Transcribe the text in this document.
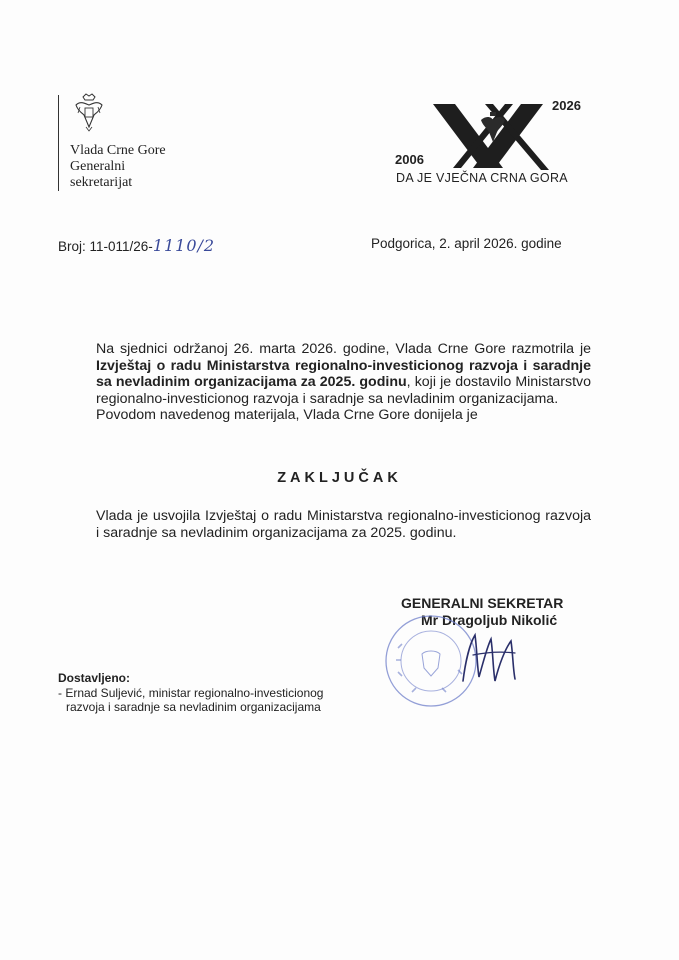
Vlada Crne Gore
Generalni
sekretarijat
2006
2026
DA JE VJEČNA CRNA GORA
Broj: 11-011/26-1110/2	Podgorica, 2. april 2026. godine
Na sjednici održanoj 26. marta 2026. godine, Vlada Crne Gore razmotrila je Izvještaj o radu Ministarstva regionalno-investicionog razvoja i saradnje sa nevladinim organizacijama za 2025. godinu, koji je dostavilo Ministarstvo regionalno-investicionog razvoja i saradnje sa nevladinim organizacijama.
Povodom navedenog materijala, Vlada Crne Gore donijela je
ZAKLJUČAK
Vlada je usvojila Izvještaj o radu Ministarstva regionalno-investicionog razvoja i saradnje sa nevladinim organizacijama za 2025. godinu.
GENERALNI SEKRETAR
Mr Dragoljub Nikolić
Dostavljeno:
- Ernad Suljević, ministar regionalno-investicionog
razvoja i saradnje sa nevladinim organizacijama
